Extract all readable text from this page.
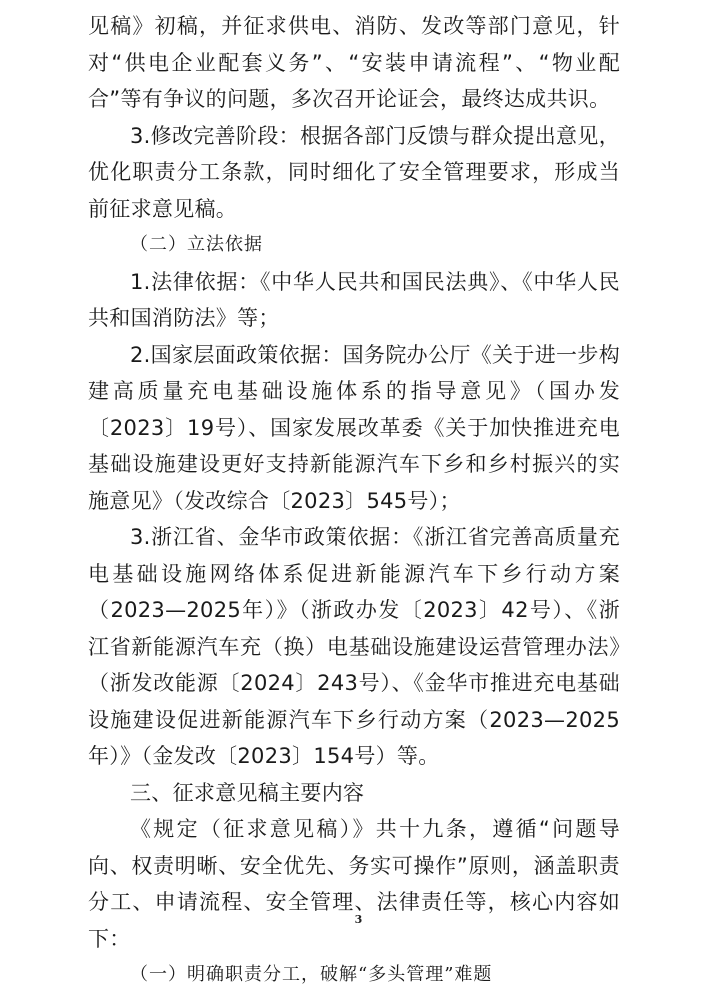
见稿》初稿，并征求供电、消防、发改等部门意见，针对“供电企业配套义务”、“安装申请流程”、“物业配合”等有争议的问题，多次召开论证会，最终达成共识。

3.修改完善阶段：根据各部门反馈与群众提出意见，优化职责分工条款，同时细化了安全管理要求，形成当前征求意见稿。

（二）立法依据

1.法律依据：《中华人民共和国民法典》、《中华人民共和国消防法》等；

2.国家层面政策依据：国务院办公厅《关于进一步构建高质量充电基础设施体系的指导意见》（国办发〔2023〕19号）、国家发展改革委《关于加快推进充电基础设施建设更好支持新能源汽车下乡和乡村振兴的实施意见》（发改综合〔2023〕545号）；

3.浙江省、金华市政策依据：《浙江省完善高质量充电基础设施网络体系促进新能源汽车下乡行动方案（2023—2025年）》（浙政办发〔2023〕42号）、《浙江省新能源汽车充（换）电基础设施建设运营管理办法》（浙发改能源〔2024〕243号）、《金华市推进充电基础设施建设促进新能源汽车下乡行动方案（2023—2025年）》（金发改〔2023〕154号）等。

三、征求意见稿主要内容

《规定（征求意见稿）》共十九条，遵循“问题导向、权责明晰、安全优先、务实可操作”原则，涵盖职责分工、申请流程、安全管理、法律责任等，核心内容如下：

（一）明确职责分工，破解“多头管理”难题

3
